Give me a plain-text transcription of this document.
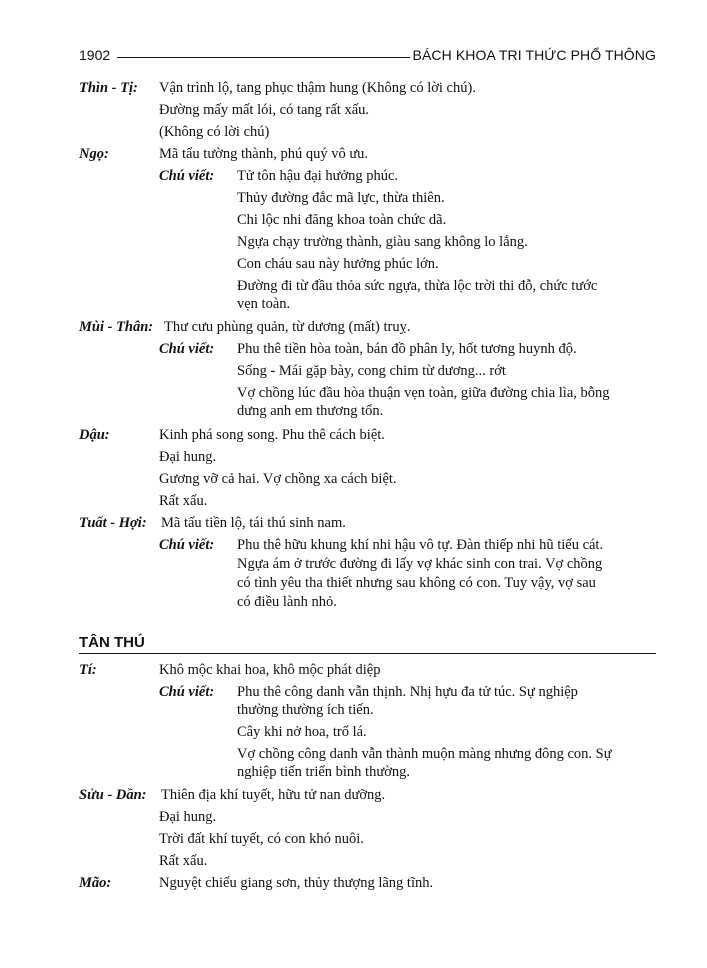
1902	BÁCH KHOA TRI THỨC PHỔ THÔNG
Thìn - Tị: Vận trình lộ, tang phục thậm hung (Không có lời chú).
Đường mấy mất lói, có tang rất xấu.
(Không có lời chú)
Ngọ:	Mã tẩu tường thành, phú quý vô ưu.
Chú viết: Tử tôn hậu đại hưởng phúc.
Thủy đường đắc mã lực, thừa thiên.
Chi lộc nhi đăng khoa toàn chức dã.
Ngựa chạy trường thành, giàu sang không lo lắng.
Con cháu sau này hưởng phúc lớn.
Đường đi từ đầu thỏa sức ngựa, thừa lộc trời thi đỗ, chức tước
vẹn toàn.
Mùi - Thân: Thư cưu phùng quản, từ dương (mất) truỵ.
Chú viết: Phu thê tiền hòa toàn, bán đồ phân ly, hốt tương huynh độ.
Sống - Mái gặp bày, cong chim từ dương... rớt
Vợ chồng lúc đầu hòa thuận vẹn toàn, giữa đường chia lìa, bỗng
dưng anh em thương tổn.
Dậu:	Kinh phá song song. Phu thê cách biệt.
Đại hung.
Gương vỡ cả hai. Vợ chồng xa cách biệt.
Rất xấu.
Tuất - Hợi: Mã tấu tiền lộ, tái thú sinh nam.
Chú viết: Phu thê hữu khung khí nhi hậu vô tự. Đàn thiếp nhi hũ tiếu cát.
Ngựa ám ở trước đường đi lấy vợ khác sinh con trai. Vợ chồng
có tình yêu tha thiết nhưng sau không có con. Tuy vậy, vợ sau
có điều lành nhỏ.
TÂN THÚ
Tí:	Khô mộc khai hoa, khô mộc phát diệp
Chú viết: Phu thê công danh vẫn thịnh. Nhị hựu đa tử túc. Sự nghiệp
thường thường ích tiến.
Cây khi nở hoa, trổ lá.
Vợ chồng công danh vẫn thành muộn màng nhưng đông con. Sự
nghiệp tiến triển bình thường.
Sửu - Dần: Thiên địa khí tuyết, hữu tử nan dưỡng.
Đại hung.
Trời đất khí tuyết, có con khó nuôi.
Rất xấu.
Mão:	Nguyệt chiếu giang sơn, thủy thượng lãng tĩnh.
